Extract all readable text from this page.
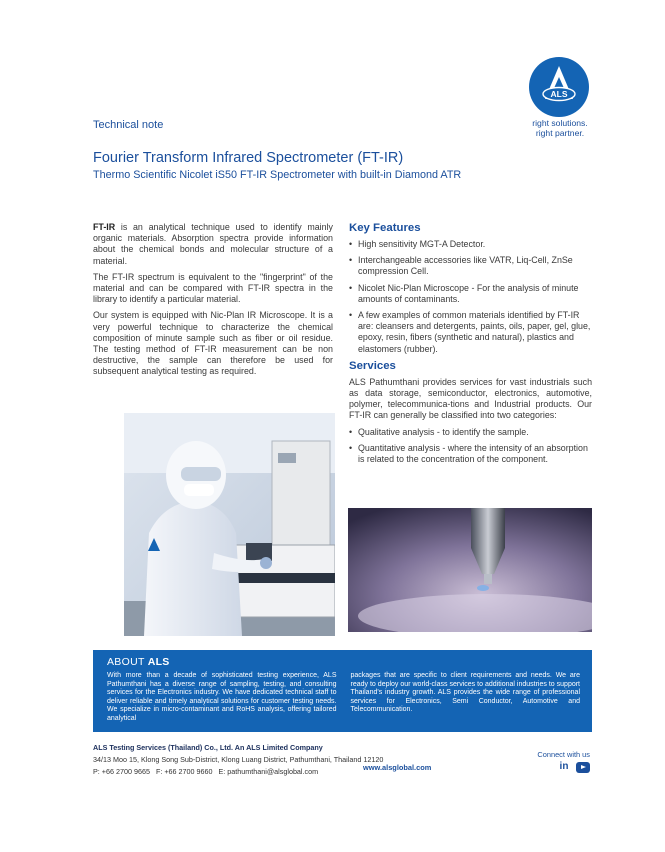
ALS
right solutions.
right partner.
Technical note
Fourier Transform Infrared Spectrometer (FT-IR)
Thermo Scientific Nicolet iS50 FT-IR Spectrometer with built-in Diamond ATR

FT-IR is an analytical technique used to identify mainly organic materials. Absorption spectra provide information about the chemical bonds and molecular structure of a material.

The FT-IR spectrum is equivalent to the "fingerprint" of the material and can be compared with FT-IR spectra in the library to identify a particular material.

Our system is equipped with Nic-Plan IR Microscope. It is a very powerful technique to characterize the chemical composition of minute sample such as fiber or oil residue. The testing method of FT-IR measurement can be non destructive, the sample can therefore be used for subsequent analytical testing as required.

Key Features
• High sensitivity MGT-A Detector.
• Interchangeable accessories like VATR, Liq-Cell, ZnSe compression Cell.
• Nicolet Nic-Plan Microscope - For the analysis of minute amounts of contaminants.
• A few examples of common materials identified by FT-IR are: cleansers and detergents, paints, oils, paper, gel, glue, epoxy, resin, fibers (synthetic and natural), plastics and elastomers (rubber).
Services
ALS Pathumthani provides services for vast industrials such as data storage, semiconductor, electronics, automotive, polymer, telecommunica-tions and Industrial products. Our FT-IR can generally be classified into two categories:
• Qualitative analysis - to identify the sample.
• Quantitative analysis - where the intensity of an absorption is related to the concentration of the component.
ABOUT ALS

With more than a decade of sophisticated testing experience, ALS Pathumthani has a diverse range of sampling, testing, and consulting services for the Electronics industry. We have dedicated technical staff to deliver reliable and timely analytical solutions for customer testing needs. We specialize in micro-contaminant and RoHS analysis, offering tailored analytical

packages that are specific to client requirements and needs. We are ready to deploy our world-class services to additional industries to support Thailand's industry growth. ALS provides the wide range of professional services for Electronics, Semi Conductor, Automotive and Telecommunication.

ALS Testing Services (Thailand) Co., Ltd. An ALS Limited Company
34/13 Moo 15, Klong Song Sub-District, Klong Luang District, Pathumthani, Thailand 12120
P: +66 2700 9665 F: +66 2700 9660 E: pathumthani@alsglobal.com	www.alsglobal.com
Connect with us
in
